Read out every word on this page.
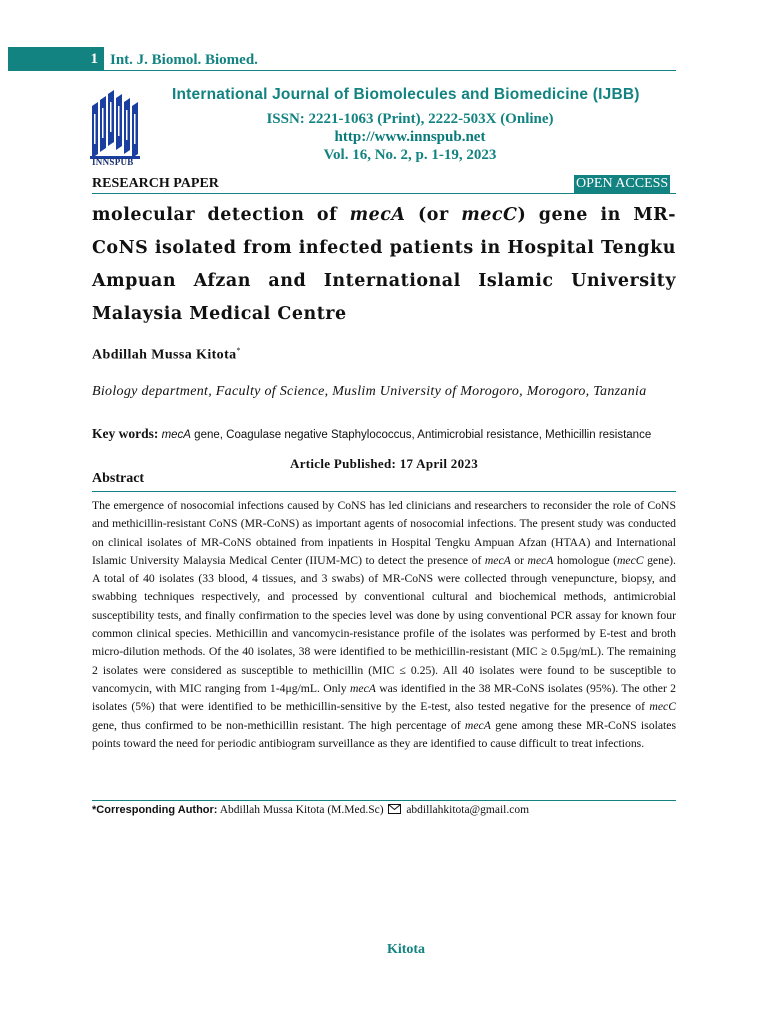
1 Int. J. Biomol. Biomed.
INNSPUB
International Journal of Biomolecules and Biomedicine (IJBB)
ISSN: 2221-1063 (Print), 2222-503X (Online)
http://www.innspub.net
Vol. 16, No. 2, p. 1-19, 2023
RESEARCH PAPER	OPEN ACCESS
molecular detection of mecA (or mecC) gene in MR-CoNS isolated from infected patients in Hospital Tengku Ampuan Afzan and International Islamic University Malaysia Medical Centre
Abdillah Mussa Kitota*
Biology department, Faculty of Science, Muslim University of Morogoro, Morogoro, Tanzania
Key words: mecA gene, Coagulase negative Staphylococcus, Antimicrobial resistance, Methicillin resistance
Article Published: 17 April 2023
Abstract
The emergence of nosocomial infections caused by CoNS has led clinicians and researchers to reconsider the role of CoNS and methicillin-resistant CoNS (MR-CoNS) as important agents of nosocomial infections. The present study was conducted on clinical isolates of MR-CoNS obtained from inpatients in Hospital Tengku Ampuan Afzan (HTAA) and International Islamic University Malaysia Medical Center (IIUM-MC) to detect the presence of mecA or mecA homologue (mecC gene). A total of 40 isolates (33 blood, 4 tissues, and 3 swabs) of MR-CoNS were collected through venepuncture, biopsy, and swabbing techniques respectively, and processed by conventional cultural and biochemical methods, antimicrobial susceptibility tests, and finally confirmation to the species level was done by using conventional PCR assay for known four common clinical species. Methicillin and vancomycin-resistance profile of the isolates was performed by E-test and broth micro-dilution methods. Of the 40 isolates, 38 were identified to be methicillin-resistant (MIC ≥ 0.5μg/mL). The remaining 2 isolates were considered as susceptible to methicillin (MIC ≤ 0.25). All 40 isolates were found to be susceptible to vancomycin, with MIC ranging from 1-4μg/mL. Only mecA was identified in the 38 MR-CoNS isolates (95%). The other 2 isolates (5%) that were identified to be methicillin-sensitive by the E-test, also tested negative for the presence of mecC gene, thus confirmed to be non-methicillin resistant. The high percentage of mecA gene among these MR-CoNS isolates points toward the need for periodic antibiogram surveillance as they are identified to cause difficult to treat infections.
*Corresponding Author: Abdillah Mussa Kitota (M.Med.Sc)  abdillahkitota@gmail.com
Kitota
